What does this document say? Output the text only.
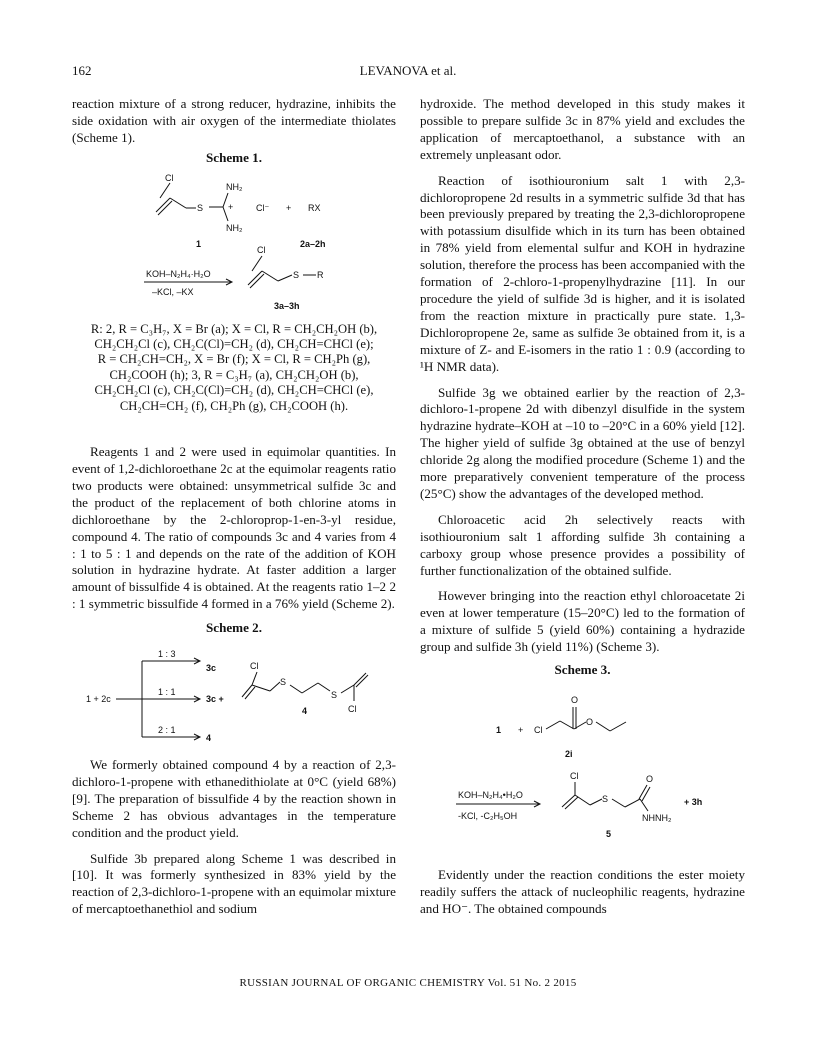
162	LEVANOVA et al.

reaction mixture of a strong reducer, hydrazine, inhibits the side oxidation with air oxygen of the intermediate thiolates (Scheme 1).

Scheme 1.
Cl
S
NH₂
+
NH₂
Cl⁻ + RX
1	2a–2h
KOH–N₂H₄·H₂O
–KCl, –KX
Cl
S R
3a–3h
R: 2, R = C₃H₇, X = Br (a); X = Cl, R = CH₂CH₂OH (b),
CH₂CH₂Cl (c), CH₂C(Cl)=CH₂ (d), CH₂CH=CHCl (e);
R = CH₂CH=CH₂, X = Br (f); X = Cl, R = CH₂Ph (g),
CH₂COOH (h); 3, R = C₃H₇ (a), CH₂CH₂OH (b),
CH₂CH₂Cl (c), CH₂C(Cl)=CH₂ (d), CH₂CH=CHCl (e),
CH₂CH=CH₂ (f), CH₂Ph (g), CH₂COOH (h).

Reagents 1 and 2 were used in equimolar quantities. In event of 1,2-dichloroethane 2c at the equimolar reagents ratio two products were obtained: unsymmetrical sulfide 3c and the product of the replacement of both chlorine atoms in dichloroethane by the 2-chloroprop-1-en-3-yl residue, compound 4. The ratio of compounds 3c and 4 varies from 4 : 1 to 5 : 1 and depends on the rate of the addition of KOH solution in hydrazine hydrate. At faster addition a larger amount of bissulfide 4 is obtained. At the reagents ratio 1–2 2 : 1 symmetric bissulfide 4 formed in a 76% yield (Scheme 2).

Scheme 2.
1 + 2c
1 : 3
1 : 1
2 : 1
3c
3c +
4
Cl
S
S
Cl
4

We formerly obtained compound 4 by a reaction of 2,3-dichloro-1-propene with ethanedithiolate at 0°C (yield 68%) [9]. The preparation of bissulfide 4 by the reaction shown in Scheme 2 has obvious advantages in the temperature condition and the product yield.

Sulfide 3b prepared along Scheme 1 was described in [10]. It was formerly synthesized in 83% yield by the reaction of 2,3-dichloro-1-propene with an equimolar mixture of mercaptoethanethiol and sodium

hydroxide. The method developed in this study makes it possible to prepare sulfide 3c in 87% yield and excludes the application of mercaptoethanol, a substance with an extremely unpleasant odor.

Reaction of isothiouronium salt 1 with 2,3-dichloropropene 2d results in a symmetric sulfide 3d that has been previously prepared by treating the 2,3-dichloropropene with potassium disulfide which in its turn has been obtained in 78% yield from elemental sulfur and KOH in hydrazine solution, therefore the process has been accompanied with the formation of 2-chloro-1-propenylhydrazine [11]. In our procedure the yield of sulfide 3d is higher, and it is isolated from the reaction mixture in practically pure state. 1,3-Dichloropropene 2e, same as sulfide 3e obtained from it, is a mixture of Z- and E-isomers in the ratio 1 : 0.9 (according to ¹H NMR data).

Sulfide 3g we obtained earlier by the reaction of 2,3-dichloro-1-propene 2d with dibenzyl disulfide in the system hydrazine hydrate–KOH at –10 to –20°C in a 60% yield [12]. The higher yield of sulfide 3g obtained at the use of benzyl chloride 2g along the modified procedure (Scheme 1) and the more preparatively convenient temperature of the process (25°C) show the advantages of the developed method.

Chloroacetic acid 2h selectively reacts with isothiouronium salt 1 affording sulfide 3h containing a carboxy group whose presence provides a possibility of further functionalization of the obtained sulfide.

However bringing into the reaction ethyl chloroacetate 2i even at lower temperature (15–20°C) led to the formation of a mixture of sulfide 5 (yield 60%) containing a hydrazide group and sulfide 3h (yield 11%) (Scheme 3).

Scheme 3.
1 + Cl
O
O
2i
KOH–N₂H₄•H₂O
-KCl, -C₂H₅OH
Cl
S
O
NHNH₂
+ 3h
5

Evidently under the reaction conditions the ester moiety readily suffers the attack of nucleophilic reagents, hydrazine and HO⁻. The obtained compounds

RUSSIAN JOURNAL OF ORGANIC CHEMISTRY Vol. 51 No. 2 2015
